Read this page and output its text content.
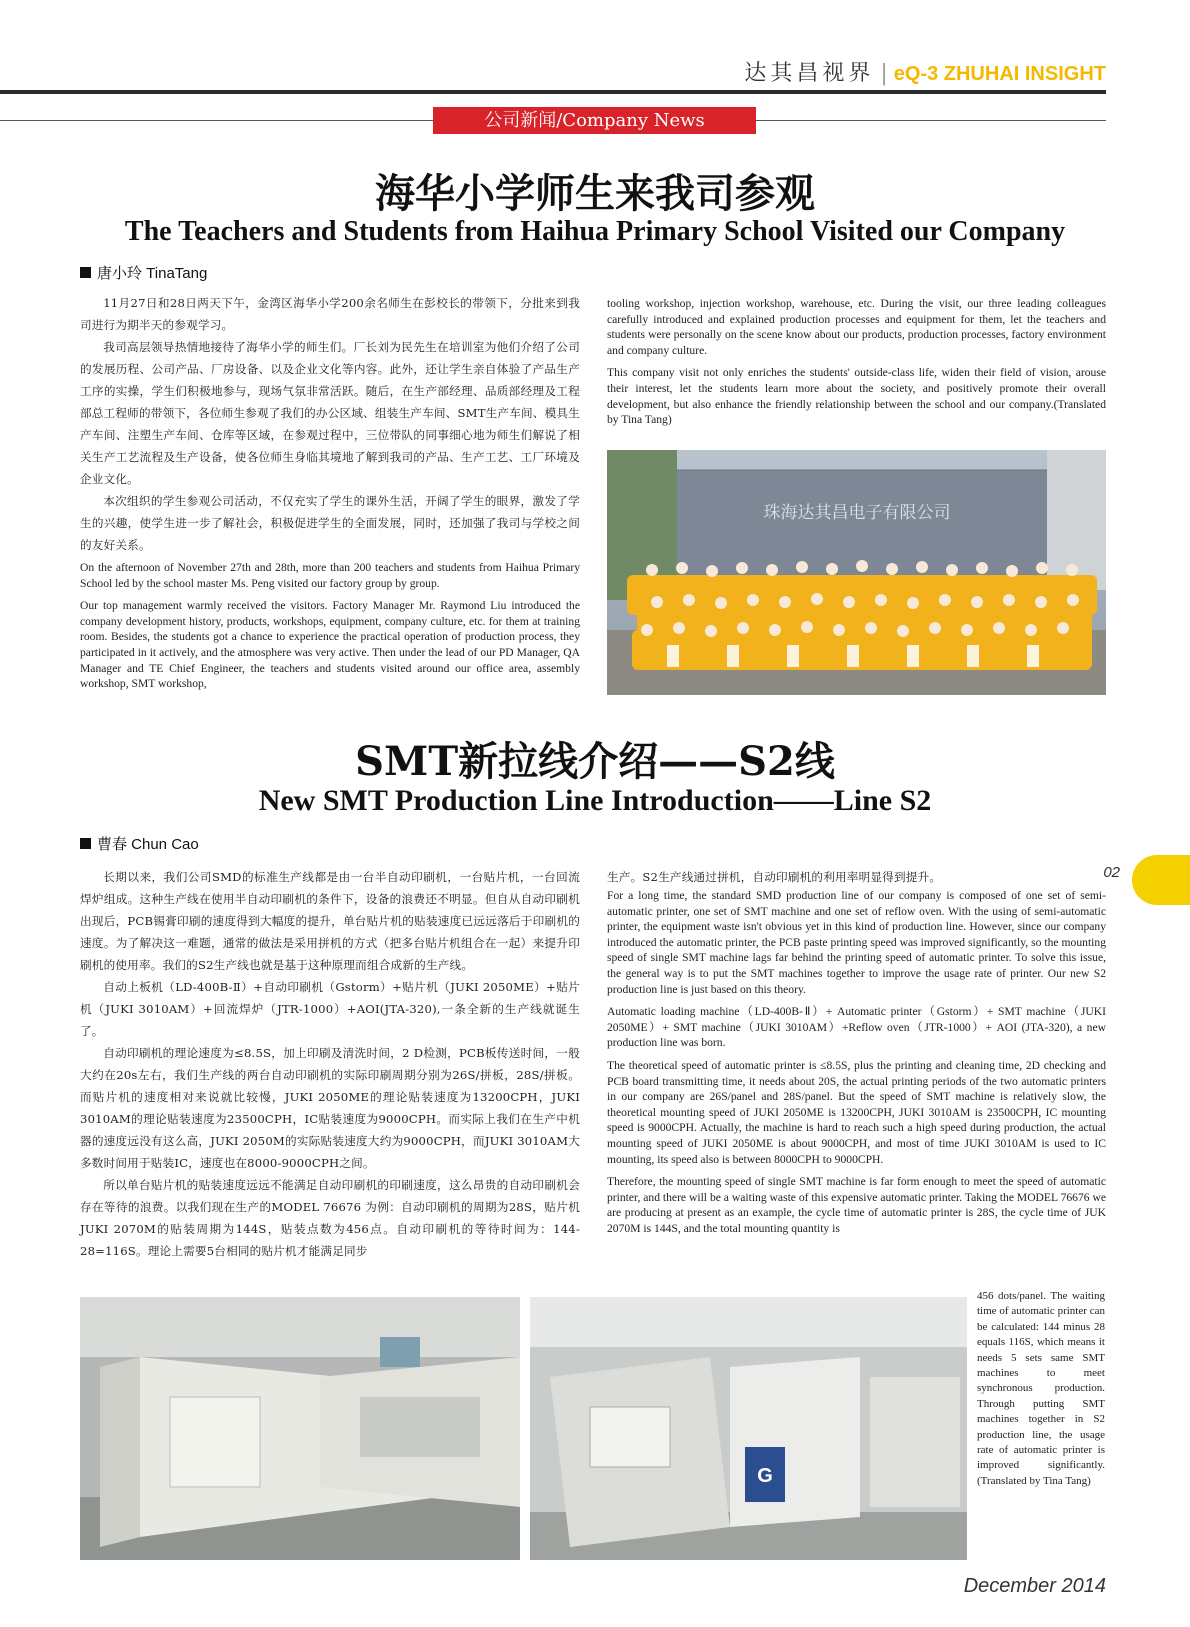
达其昌视界 | eQ-3 ZHUHAI INSIGHT
公司新闻/Company News
海华小学师生来我司参观
The Teachers and Students from Haihua Primary School Visited our Company
唐小玲 TinaTang

11月27日和28日两天下午，金湾区海华小学200余名师生在彭校长的带领下，分批来到我司进行为期半天的参观学习。

我司高层领导热情地接待了海华小学的师生们。厂长刘为民先生在培训室为他们介绍了公司的发展历程、公司产品、厂房设备、以及企业文化等内容。此外，还让学生亲自体验了产品生产工序的实操，学生们积极地参与，现场气氛非常活跃。随后，在生产部经理、品质部经理及工程部总工程师的带领下，各位师生参观了我们的办公区域、组装生产车间、SMT生产车间、模具生产车间、注塑生产车间、仓库等区域，在参观过程中，三位带队的同事细心地为师生们解说了相关生产工艺流程及生产设备，使各位师生身临其境地了解到我司的产品、生产工艺、工厂环境及企业文化。

本次组织的学生参观公司活动，不仅充实了学生的课外生活，开阔了学生的眼界，激发了学生的兴趣，使学生进一步了解社会，积极促进学生的全面发展，同时，还加强了我司与学校之间的友好关系。

On the afternoon of November 27th and 28th, more than 200 teachers and students from Haihua Primary School led by the school master Ms. Peng visited our factory group by group.

Our top management warmly received the visitors. Factory Manager Mr. Raymond Liu introduced the company development history, products, workshops, equipment, company culture, etc. for them at training room. Besides, the students got a chance to experience the practical operation of production process, they participated in it actively, and the atmosphere was very active. Then under the lead of our PD Manager, QA Manager and TE Chief Engineer, the teachers and students visited around our office area, assembly workshop, SMT workshop,

tooling workshop, injection workshop, warehouse, etc. During the visit, our three leading colleagues carefully introduced and explained production processes and equipment for them, let the teachers and students were personally on the scene know about our products, production processes, factory environment and company culture.

This company visit not only enriches the students' outside-class life, widen their field of vision, arouse their interest, let the students learn more about the society, and positively promote their overall development, but also enhance the friendly relationship between the school and our company.(Translated by Tina Tang)

珠海达其昌电子有限公司
SMT新拉线介绍——S2线
New SMT Production Line Introduction——Line S2
曹春 Chun Cao

长期以来，我们公司SMD的标准生产线都是由一台半自动印刷机，一台贴片机，一台回流焊炉组成。这种生产线在使用半自动印刷机的条件下，设备的浪费还不明显。但自从自动印刷机出现后，PCB锡膏印刷的速度得到大幅度的提升，单台贴片机的贴装速度已远远落后于印刷机的速度。为了解决这一难题，通常的做法是采用拼机的方式（把多台贴片机组合在一起）来提升印刷机的使用率。我们的S2生产线也就是基于这种原理而组合成新的生产线。

自动上板机（LD-400B-Ⅱ）+自动印刷机（Gstorm）+贴片机（JUKI 2050ME）+贴片机（JUKI 3010AM）+回流焊炉（JTR-1000）+AOI(JTA-320),一条全新的生产线就诞生了。

自动印刷机的理论速度为≤8.5S，加上印刷及清洗时间，2 D检测，PCB板传送时间，一般大约在20s左右，我们生产线的两台自动印刷机的实际印刷周期分别为26S/拼板，28S/拼板。而贴片机的速度相对来说就比较慢，JUKI 2050ME的理论贴装速度为13200CPH，JUKI 3010AM的理论贴装速度为23500CPH，IC贴装速度为9000CPH。而实际上我们在生产中机器的速度远没有这么高，JUKI 2050M的实际贴装速度大约为9000CPH，而JUKI 3010AM大多数时间用于贴装IC，速度也在8000-9000CPH之间。

所以单台贴片机的贴装速度远远不能满足自动印刷机的印刷速度，这么昂贵的自动印刷机会存在等待的浪费。以我们现在生产的MODEL 76676 为例：自动印刷机的周期为28S，贴片机JUKI 2070M的贴装周期为144S，贴装点数为456点。自动印刷机的等待时间为：144-28=116S。理论上需要5台相同的贴片机才能满足同步

生产。S2生产线通过拼机，自动印刷机的利用率明显得到提升。

For a long time, the standard SMD production line of our company is composed of one set of semi-automatic printer, one set of SMT machine and one set of reflow oven. With the using of semi-automatic printer, the equipment waste isn't obvious yet in this kind of production line. However, since our company introduced the automatic printer, the PCB paste printing speed was improved significantly, so the mounting speed of single SMT machine lags far behind the printing speed of automatic printer. To solve this issue, the general way is to put the SMT machines together to improve the usage rate of printer. Our new S2 production line is just based on this theory.

Automatic loading machine（LD-400B-Ⅱ）+ Automatic printer（Gstorm）+ SMT machine（JUKI 2050ME）+ SMT machine（JUKI 3010AM）+Reflow oven（JTR-1000）+ AOI (JTA-320), a new production line was born.

The theoretical speed of automatic printer is ≤8.5S, plus the printing and cleaning time, 2D checking and PCB board transmitting time, it needs about 20S, the actual printing periods of the two automatic printers in our company are 26S/panel and 28S/panel. But the speed of SMT machine is relatively slow, the theoretical mounting speed of JUKI 2050ME is 13200CPH, JUKI 3010AM is 23500CPH, IC mounting speed is 9000CPH. Actually, the machine is hard to reach such a high speed during production, the actual mounting speed of JUKI 2050ME is about 9000CPH, and most of time JUKI 3010AM is used to IC mounting, its speed also is between 8000CPH to 9000CPH.

Therefore, the mounting speed of single SMT machine is far form enough to meet the speed of automatic printer, and there will be a waiting waste of this expensive automatic printer. Taking the MODEL 76676 we are producing at present as an example, the cycle time of automatic printer is 28S, the cycle time of JUK 2070M is 144S, and the total mounting quantity is

456 dots/panel. The waiting time of automatic printer can be calculated: 144 minus 28 equals 116S, which means it needs 5 sets same SMT machines to meet synchronous production. Through putting SMT machines together in S2 production line, the usage rate of automatic printer is improved significantly.(Translated by Tina Tang)

G
02
December 2014
